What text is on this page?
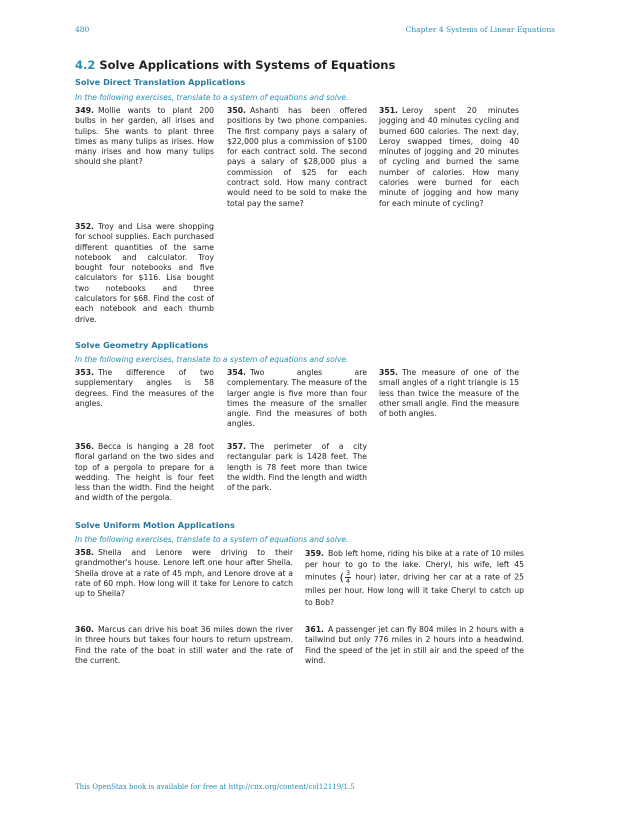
480	Chapter 4 Systems of Linear Equations
4.2 Solve Applications with Systems of Equations
Solve Direct Translation Applications
In the following exercises, translate to a system of equations and solve.
349. Mollie wants to plant 200 bulbs in her garden, all irises and tulips. She wants to plant three times as many tulips as irises. How many irises and how many tulips should she plant?
350. Ashanti has been offered positions by two phone companies. The first company pays a salary of $22,000 plus a commission of $100 for each contract sold. The second pays a salary of $28,000 plus a commission of $25 for each contract sold. How many contract would need to be sold to make the total pay the same?
351. Leroy spent 20 minutes jogging and 40 minutes cycling and burned 600 calories. The next day, Leroy swapped times, doing 40 minutes of jogging and 20 minutes of cycling and burned the same number of calories. How many calories were burned for each minute of jogging and how many for each minute of cycling?
352. Troy and Lisa were shopping for school supplies. Each purchased different quantities of the same notebook and calculator. Troy bought four notebooks and five calculators for $116. Lisa bought two notebooks and three calculators for $68. Find the cost of each notebook and each thumb drive.
Solve Geometry Applications
In the following exercises, translate to a system of equations and solve.
353. The difference of two supplementary angles is 58 degrees. Find the measures of the angles.
354. Two angles are complementary. The measure of the larger angle is five more than four times the measure of the smaller angle. Find the measures of both angles.
355. The measure of one of the small angles of a right triangle is 15 less than twice the measure of the other small angle. Find the measure of both angles.
356. Becca is hanging a 28 foot floral garland on the two sides and top of a pergola to prepare for a wedding. The height is four feet less than the width. Find the height and width of the pergola.
357. The perimeter of a city rectangular park is 1428 feet. The length is 78 feet more than twice the width. Find the length and width of the park.
Solve Uniform Motion Applications
In the following exercises, translate to a system of equations and solve.
358. Sheila and Lenore were driving to their grandmother's house. Lenore left one hour after Sheila. Sheila drove at a rate of 45 mph, and Lenore drove at a rate of 60 mph. How long will it take for Lenore to catch up to Sheila?
359. Bob left home, riding his bike at a rate of 10 miles per hour to go to the lake. Cheryl, his wife, left 45 minutes ( $\frac{3}{4}$ hour) later, driving her car at a rate of 25 miles per hour. How long will it take Cheryl to catch up to Bob?
360. Marcus can drive his boat 36 miles down the river in three hours but takes four hours to return upstream. Find the rate of the boat in still water and the rate of the current.
361. A passenger jet can fly 804 miles in 2 hours with a tailwind but only 776 miles in 2 hours into a headwind. Find the speed of the jet in still air and the speed of the wind.
This OpenStax book is available for free at http://cnx.org/content/col12119/1.5
